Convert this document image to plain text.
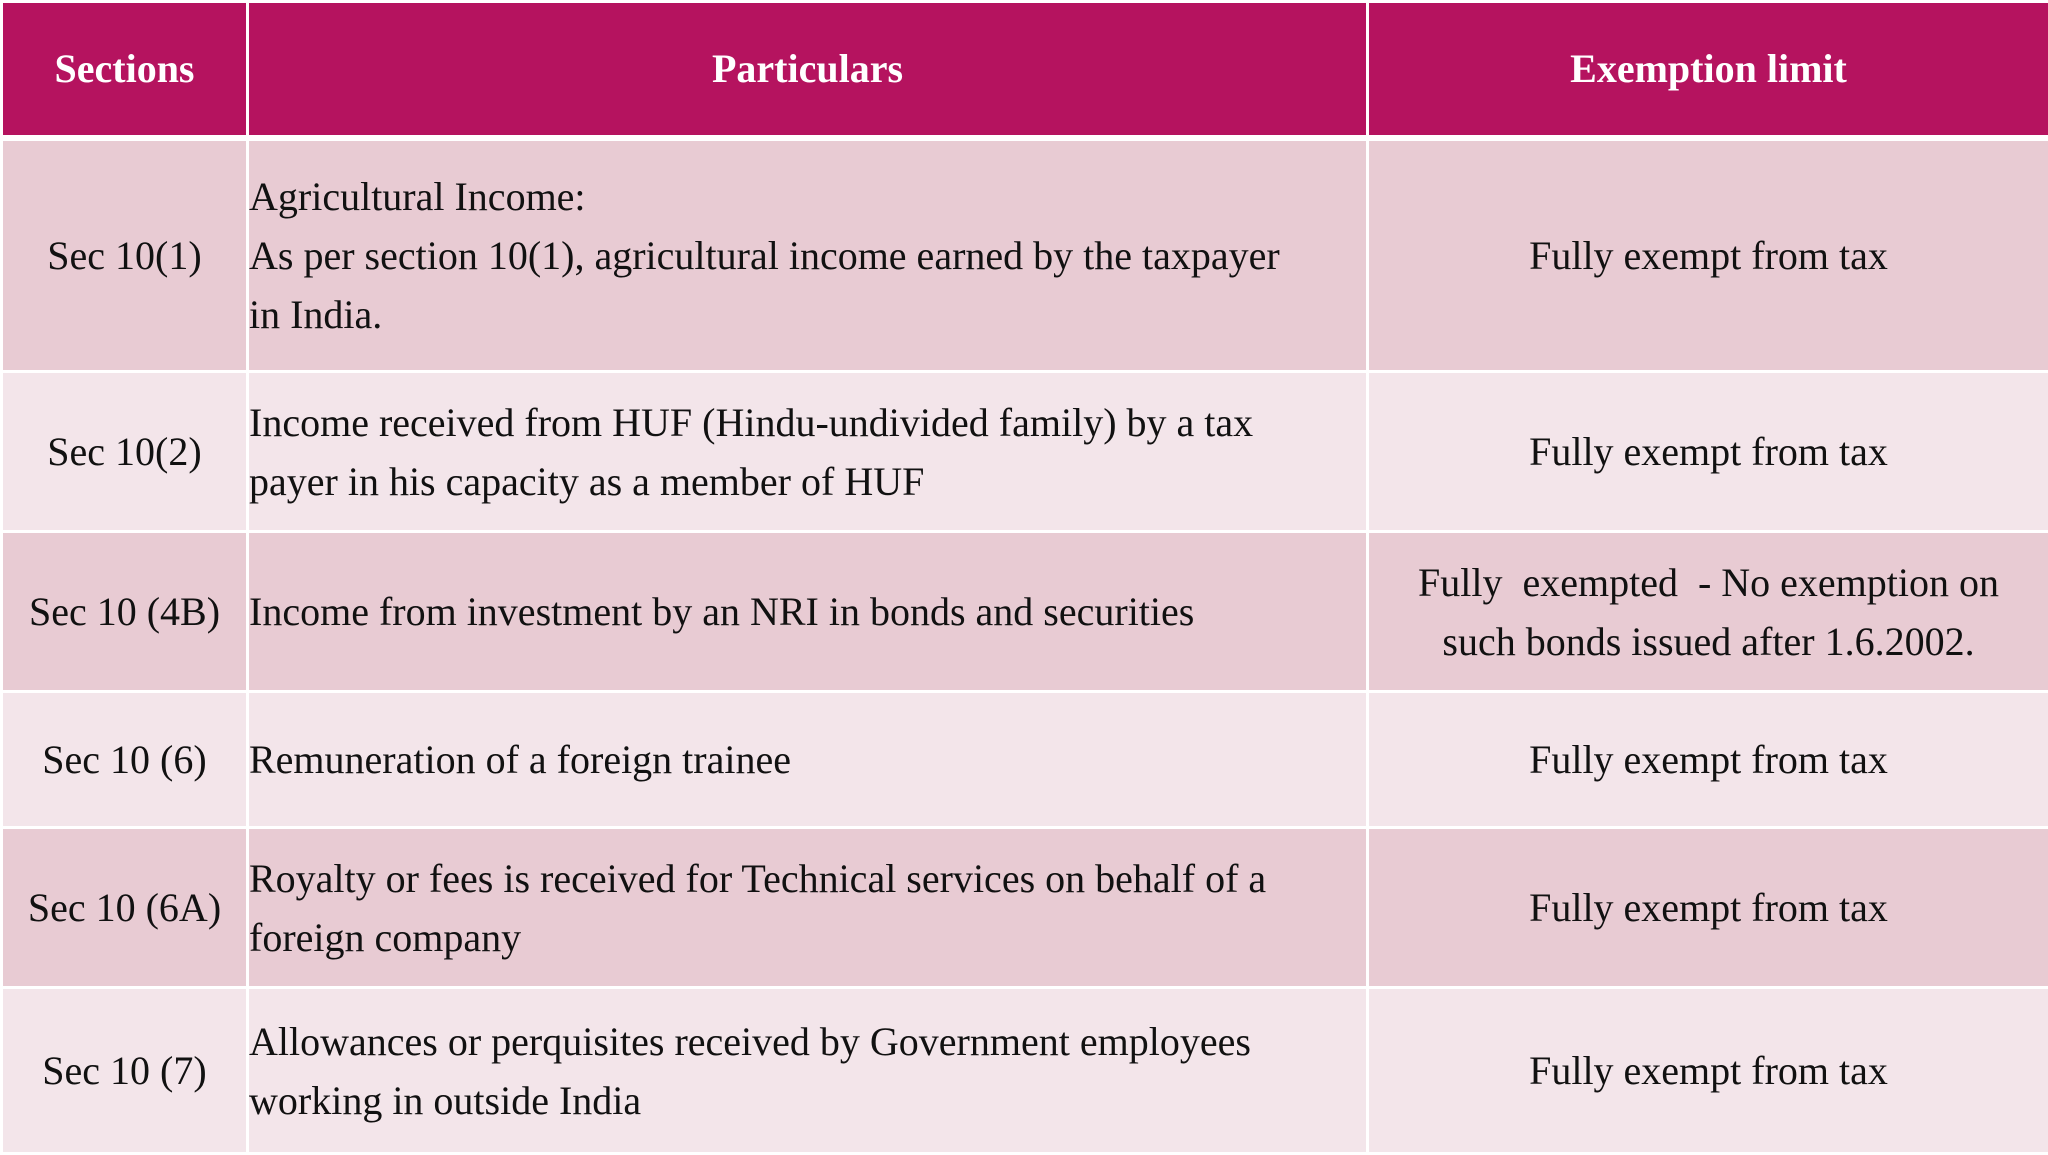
Sections	Particulars	Exemption limit
Sec 10(1)	Agricultural Income:
As per section 10(1), agricultural income earned by the taxpayer
in India.	Fully exempt from tax

Sec 10(2)	Income received from HUF (Hindu-undivided family) by a tax
payer in his capacity as a member of HUF	Fully exempt from tax

Sec 10 (4B)	Income from investment by an NRI in bonds and securities	Fully  exempted  - No exemption on
such bonds issued after 1.6.2002.

Sec 10 (6)	Remuneration of a foreign trainee	Fully exempt from tax

Sec 10 (6A)	Royalty or fees is received for Technical services on behalf of a
foreign company	Fully exempt from tax

Sec 10 (7)	Allowances or perquisites received by Government employees
working in outside India	Fully exempt from tax
